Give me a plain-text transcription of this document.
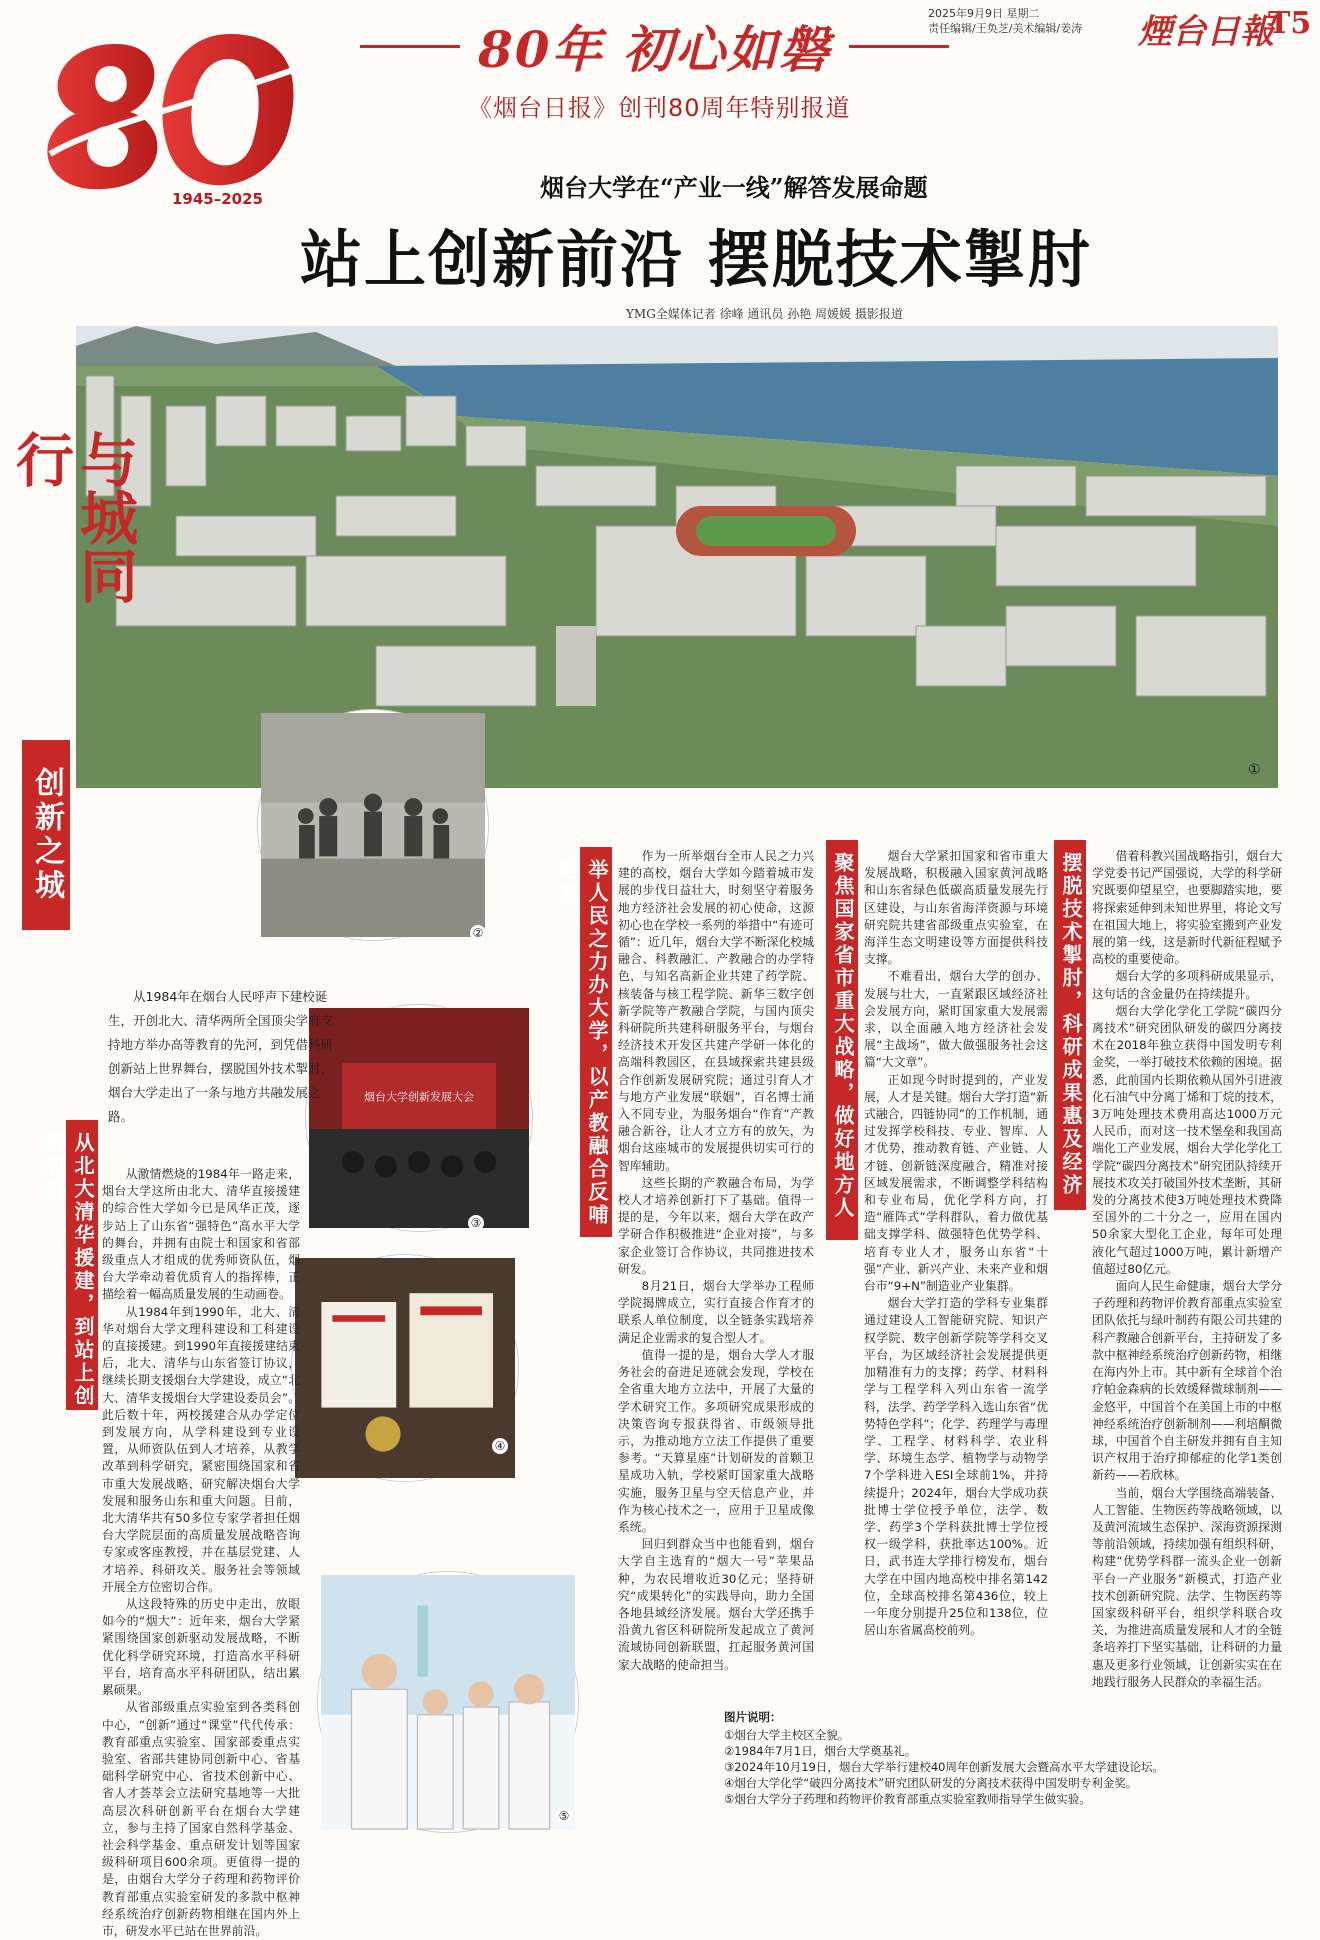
1945–2025
80年 初心如磐
《烟台日报》创刊80周年特别报道
2025年9月9日 星期二
责任编辑/王奂芝/美术编辑/姜涛 煙台日報
T5
烟台大学在“产业一线”解答发展命题
站上创新前沿 摆脱技术掣肘
YMG全媒体记者 徐峰 通讯员 孙艳 周媛媛 摄影报道
①
与城同行
创新之城
②
烟台大学创新发展大会
③
④
⑤
从1984年在烟台人民呼声下建校诞生，开创北大、清华两所全国顶尖学府支持地方举办高等教育的先河，到凭借科研创新站上世界舞台，摆脱国外技术掣肘，烟台大学走出了一条与地方共融发展之路。
从北大清华援建，到站上创新前沿	举人民之力办大学，以产教融合反哺地方	聚焦国家省市重大战略，做好地方人才文章	摆脱技术掣肘，科研成果惠及经济民生

从激情燃烧的1984年一路走来，烟台大学这所由北大、清华直接援建的综合性大学如今已是风华正茂，逐步站上了山东省“强特色”高水平大学的舞台，并拥有由院士和国家和省部级重点人才组成的优秀师资队伍，烟台大学牵动着优质育人的指挥棒，正描绘着一幅高质量发展的生动画卷。

从1984年到1990年，北大、清华对烟台大学文理科建设和工科建设的直接援建。到1990年直接援建结束后，北大、清华与山东省签订协议，继续长期支援烟台大学建设，成立“北大、清华支援烟台大学建设委员会”。此后数十年，两校援建合从办学定位到发展方向，从学科建设到专业设置，从师资队伍到人才培养，从教学改革到科学研究，紧密围绕国家和省市重大发展战略，研究解决烟台大学发展和服务山东和重大问题。目前，北大清华共有50多位专家学者担任烟台大学院层面的高质量发展战略咨询专家或客座教授，并在基层党建、人才培养、科研攻关、服务社会等领域开展全方位密切合作。

从这段特殊的历史中走出，放眼如今的“烟大”：近年来，烟台大学紧紧围绕国家创新驱动发展战略，不断优化科学研究环境，打造高水平科研平台，培育高水平科研团队，结出累累硕果。

从省部级重点实验室到各类科创中心，“创新”通过“课堂”代代传承：教育部重点实验室、国家部委重点实验室、省部共建协同创新中心、省基础科学研究中心、省技术创新中心、省人才荟萃会立法研究基地等一大批高层次科研创新平台在烟台大学建立，参与主持了国家自然科学基金、社会科学基金、重点研发计划等国家级科研项目600余项。更值得一提的是，由烟台大学分子药理和药物评价教育部重点实验室研发的多款中枢神经系统治疗创新药物相继在国内外上市，研发水平已站在世界前沿。

作为一所举烟台全市人民之力兴建的高校，烟台大学如今踏着城市发展的步伐日益壮大，时刻坚守着服务地方经济社会发展的初心使命，这源初心也在学校一系列的举措中“有迹可循”：近几年，烟台大学不断深化校城融合、科教融汇、产教融合的办学特色，与知名高新企业共建了药学院、核装备与核工程学院、新华三数字创新学院等产教融合学院，与国内顶尖科研院所共建科研服务平台，与烟台经济技术开发区共建产学研一体化的高端科教园区，在县域探索共建县级合作创新发展研究院；通过引育人才与地方产业发展“联姻”，百名博士涌入不同专业，为服务烟台“作育”产教融合新谷，让人才立方有的放矢，为烟台这座城市的发展提供切实可行的智库辅助。

这些长期的产教融合布局，为学校人才培养创新打下了基础。值得一提的是，今年以来，烟台大学在政产学研合作积极推进“企业对接”，与多家企业签订合作协议，共同推进技术研发。

8月21日，烟台大学举办工程师学院揭牌成立，实行直接合作育才的联系人单位制度，以全链条实践培养满足企业需求的复合型人才。

值得一提的是，烟台大学人才服务社会的奋进足迹就会发现，学校在全省重大地方立法中，开展了大量的学术研究工作。多项研究成果形成的决策咨询专报获得省、市级领导批示，为推动地方立法工作提供了重要参考。“天算星座”计划研发的首颗卫星成功入轨，学校紧盯国家重大战略实施，服务卫星与空天信息产业，并作为核心技术之一，应用于卫星成像系统。

回归到群众当中也能看到，烟台大学自主选育的“烟大一号”苹果品种，为农民增收近30亿元；坚持研究“成果转化”的实践导向，助力全国各地县域经济发展。烟台大学还携手沿黄九省区科研院所发起成立了黄河流域协同创新联盟，扛起服务黄河国家大战略的使命担当。

烟台大学紧扣国家和省市重大发展战略，积极融入国家黄河战略和山东省绿色低碳高质量发展先行区建设，与山东省海洋资源与环境研究院共建省部级重点实验室，在海洋生态文明建设等方面提供科技支撑。

不难看出，烟台大学的创办、发展与壮大，一直紧跟区域经济社会发展方向，紧盯国家重大发展需求，以全面融入地方经济社会发展“主战场”，做大做强服务社会这篇“大文章”。

正如现今时时提到的，产业发展，人才是关键。烟台大学打造“新式融合，四链协同”的工作机制，通过发挥学校科技、专业、智库、人才优势，推动教育链、产业链、人才链、创新链深度融合，精准对接区域发展需求，不断调整学科结构和专业布局，优化学科方向，打造“雁阵式”学科群队，着力做优基础支撑学科、做强特色优势学科、培育专业人才，服务山东省“十强”产业、新兴产业、未来产业和烟台市“9+N”制造业产业集群。

烟台大学打造的学科专业集群通过建设人工智能研究院、知识产权学院、数字创新学院等学科交叉平台，为区域经济社会发展提供更加精准有力的支撑；药学、材料科学与工程学科入列山东省一流学科，法学、药学学科入选山东省“优势特色学科”；化学、药理学与毒理学、工程学、材料科学、农业科学、环境生态学、植物学与动物学7个学科进入ESI全球前1%，并持续提升；2024年，烟台大学成功获批博士学位授予单位，法学、数学、药学3个学科获批博士学位授权一级学科，获批率达100%。近日，武书连大学排行榜发布，烟台大学在中国内地高校中排名第142位，全球高校排名第436位，较上一年度分别提升25位和138位，位居山东省属高校前列。

借着科教兴国战略指引，烟台大学党委书记严国强说，大学的科学研究既要仰望星空，也要脚踏实地，要将探索延伸到未知世界里，将论文写在祖国大地上，将实验室搬到产业发展的第一线，这是新时代新征程赋予高校的重要使命。

烟台大学的多项科研成果显示，这句话的含金量仍在持续提升。

烟台大学化学化工学院“碳四分离技术”研究团队研发的碳四分离技术在2018年独立获得中国发明专利金奖，一举打破技术依赖的困境。据悉，此前国内长期依赖从国外引进液化石油气中分离丁烯和丁烷的技术，3万吨处理技术费用高达1000万元人民币，而对这一技术堡垒和我国高端化工产业发展，烟台大学化学化工学院“碳四分离技术”研究团队持续开展技术攻关打破国外技术垄断，其研发的分离技术使3万吨处理技术费降至国外的二十分之一，应用在国内50余家大型化工企业，每年可处理液化气超过1000万吨，累计新增产值超过80亿元。

面向人民生命健康，烟台大学分子药理和药物评价教育部重点实验室团队依托与绿叶制药有限公司共建的科产教融合创新平台，主持研发了多款中枢神经系统治疗创新药物，相继在海内外上市。其中新有全球首个治疗帕金森病的长效缓释微球制剂——金悠平，中国首个在美国上市的中枢神经系统治疗创新制剂——利培酮微球，中国首个自主研发并拥有自主知识产权用于治疗抑郁症的化学1类创新药——若欣林。

当前，烟台大学围绕高端装备、人工智能、生物医药等战略领域，以及黄河流域生态保护、深海资源探测等前沿领域，持续加强有组织科研，构建“优势学科群一流头企业一创新平台一产业服务”新模式，打造产业技术创新研究院、法学、生物医药等国家级科研平台，组织学科联合攻关，为推进高质量发展和人才的全链条培养打下坚实基础，让科研的力量惠及更多行业领域，让创新实实在在地践行服务人民群众的幸福生活。

图片说明：
①烟台大学主校区全貌。
②1984年7月1日，烟台大学奠基礼。
③2024年10月19日，烟台大学举行建校40周年创新发展大会暨高水平大学建设论坛。
④烟台大学化学“破四分离技术”研究团队研发的分离技术获得中国发明专利金奖。
⑤烟台大学分子药理和药物评价教育部重点实验室教师指导学生做实验。
